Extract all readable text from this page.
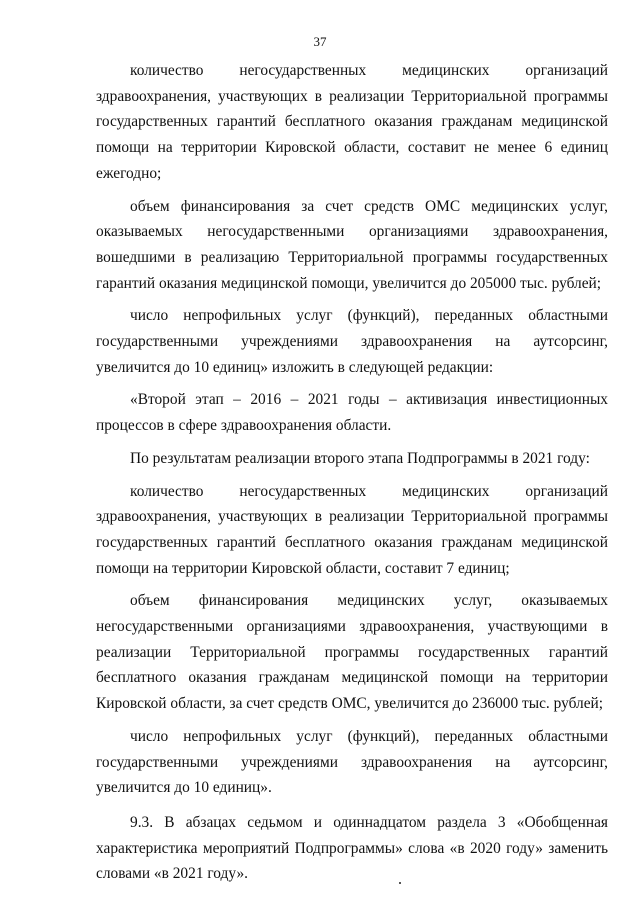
37

количество негосударственных медицинских организаций здравоохранения, участвующих в реализации Территориальной программы государственных гарантий бесплатного оказания гражданам медицинской помощи на территории Кировской области, составит не менее 6 единиц ежегодно;

объем финансирования за счет средств ОМС медицинских услуг, оказываемых негосударственными организациями здравоохранения, вошедшими в реализацию Территориальной программы государственных гарантий оказания медицинской помощи, увеличится до 205000 тыс. рублей;

число непрофильных услуг (функций), переданных областными государственными учреждениями здравоохранения на аутсорсинг, увеличится до 10 единиц» изложить в следующей редакции:

«Второй этап – 2016 – 2021 годы – активизация инвестиционных процессов в сфере здравоохранения области.

По результатам реализации второго этапа Подпрограммы в 2021 году:

количество негосударственных медицинских организаций здравоохранения, участвующих в реализации Территориальной программы государственных гарантий бесплатного оказания гражданам медицинской помощи на территории Кировской области, составит 7 единиц;

объем финансирования медицинских услуг, оказываемых негосударственными организациями здравоохранения, участвующими в реализации Территориальной программы государственных гарантий бесплатного оказания гражданам медицинской помощи на территории Кировской области, за счет средств ОМС, увеличится до 236000 тыс. рублей;

число непрофильных услуг (функций), переданных областными государственными учреждениями здравоохранения на аутсорсинг, увеличится до 10 единиц».

9.3. В абзацах седьмом и одиннадцатом раздела 3 «Обобщенная характеристика мероприятий Подпрограммы» слова «в 2020 году» заменить словами «в 2021 году».
